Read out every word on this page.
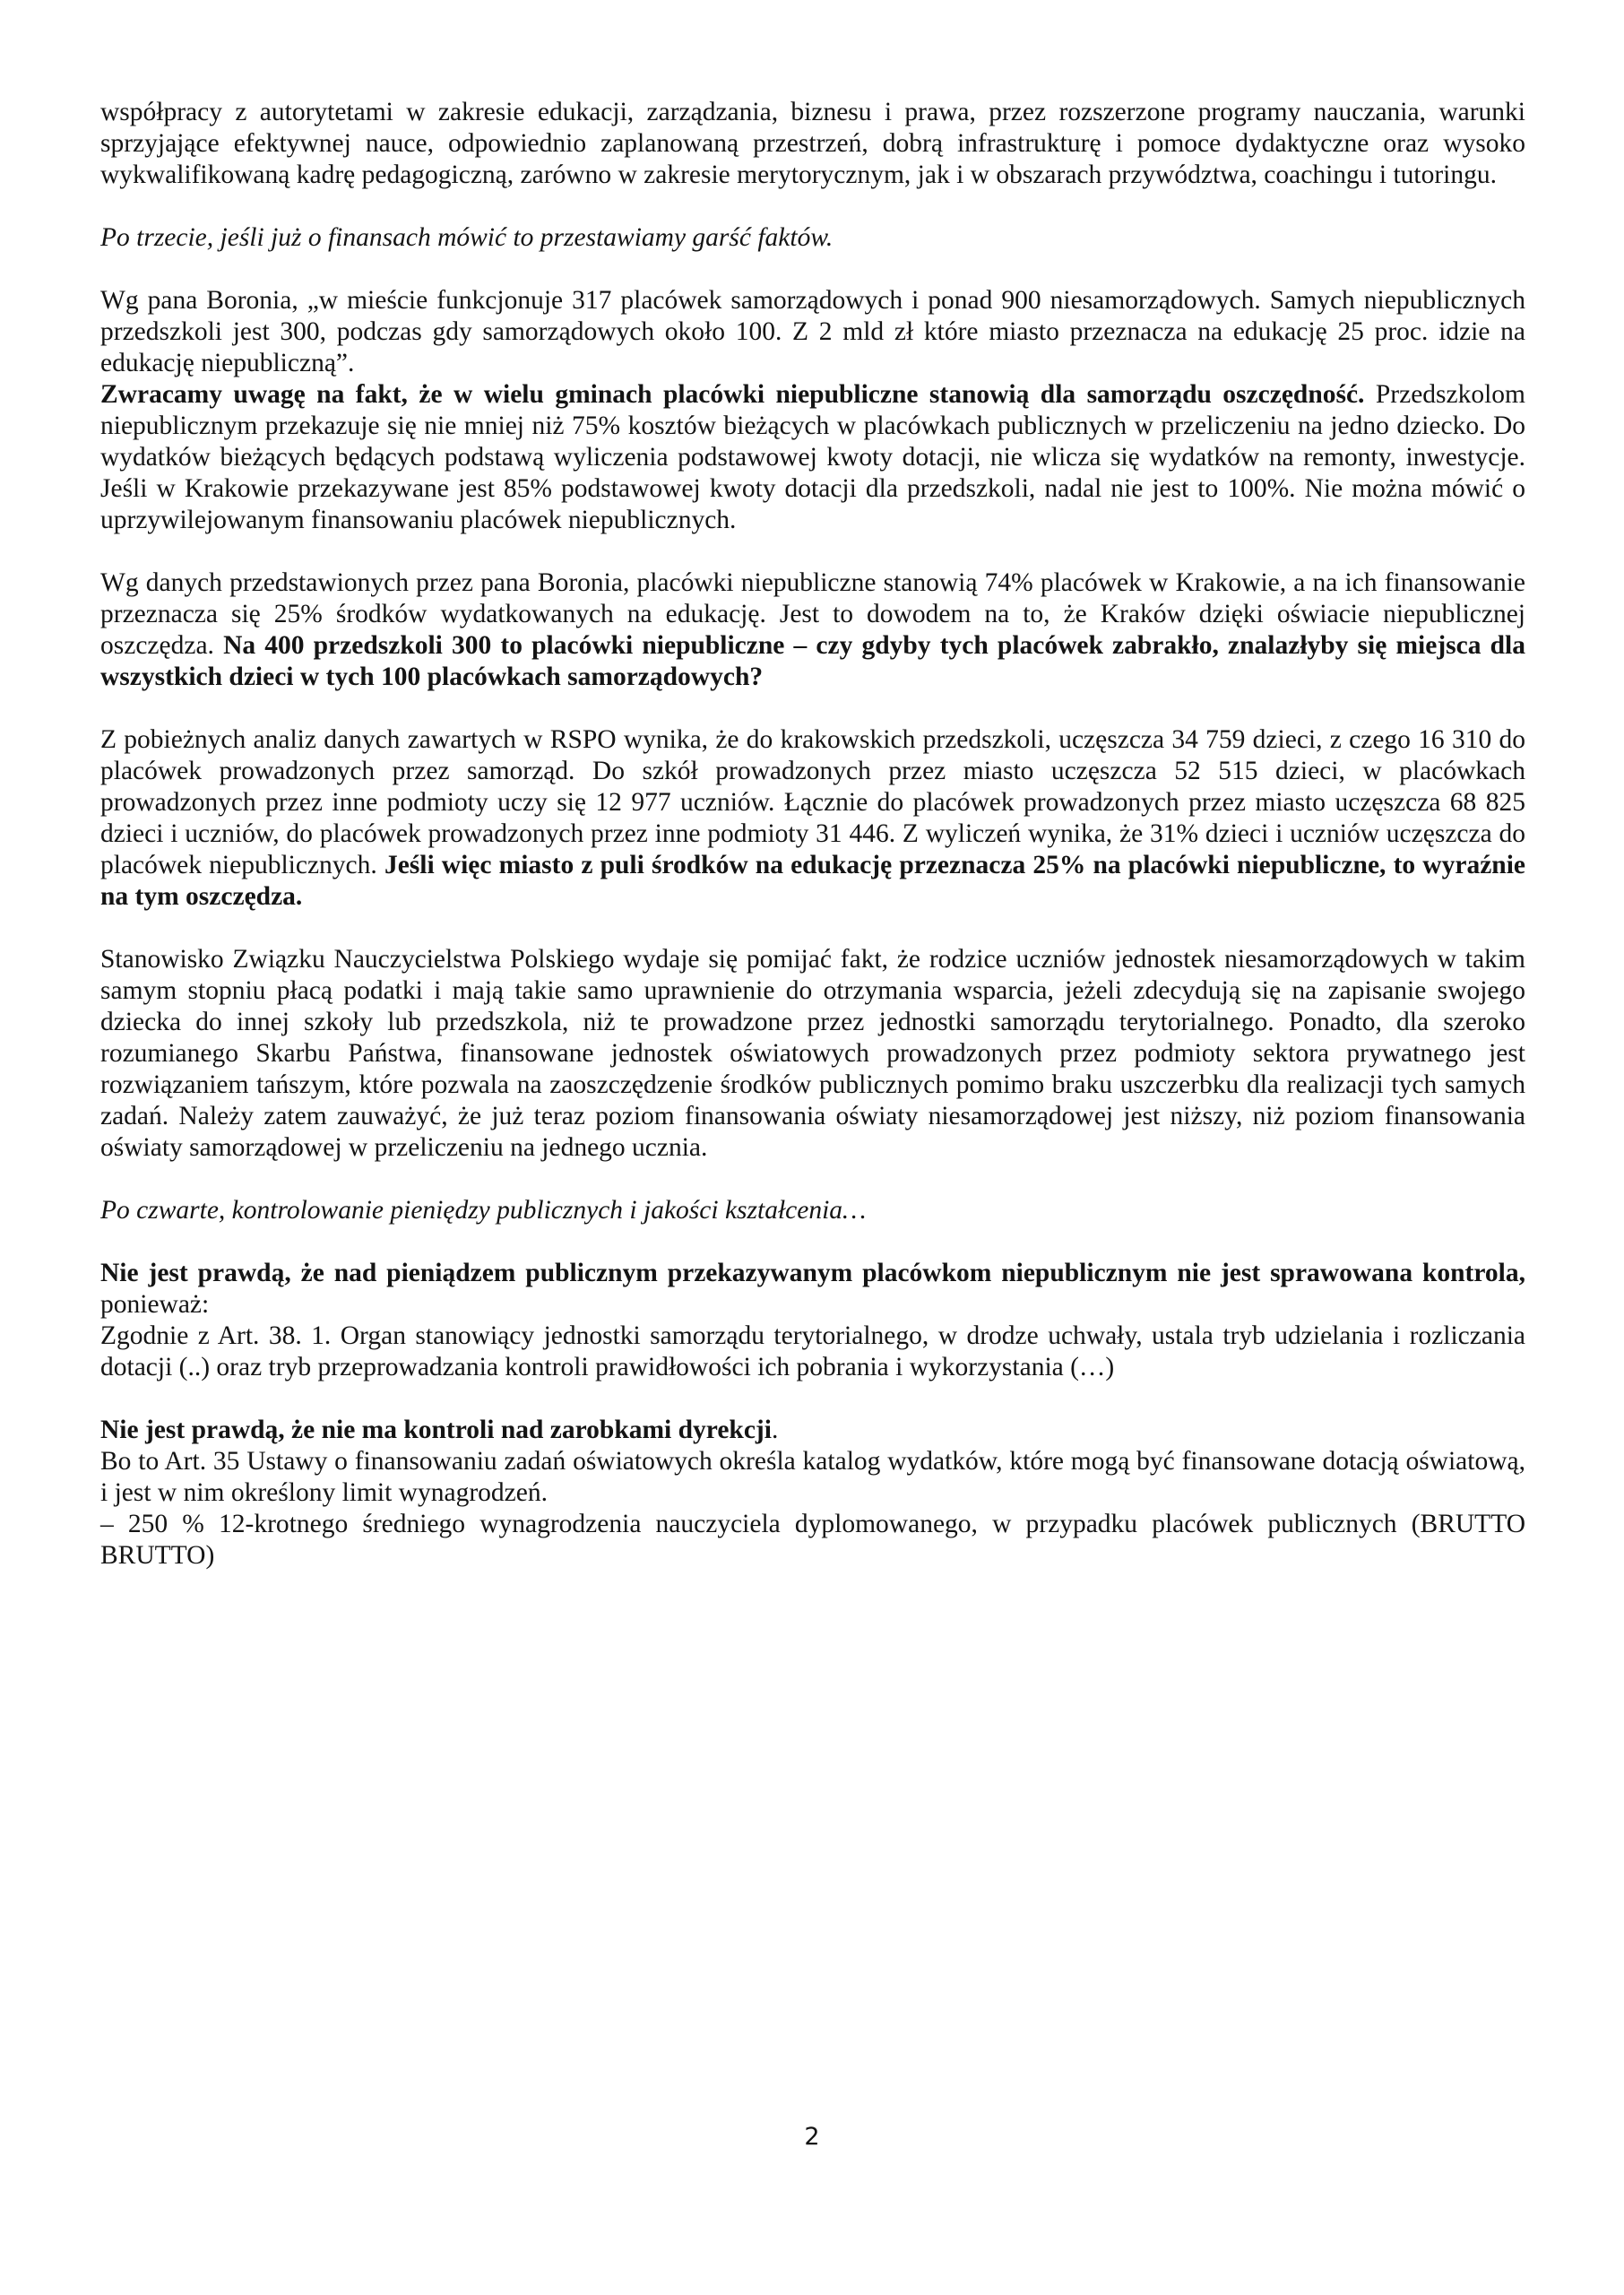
współpracy z autorytetami w zakresie edukacji, zarządzania, biznesu i prawa, przez rozszerzone programy nauczania, warunki sprzyjające efektywnej nauce, odpowiednio zaplanowaną przestrzeń, dobrą infrastrukturę i pomoce dydaktyczne oraz wysoko wykwalifikowaną kadrę pedagogiczną, zarówno w zakresie merytorycznym, jak i w obszarach przywództwa, coachingu i tutoringu.

Po trzecie, jeśli już o finansach mówić to przestawiamy garść faktów.

Wg pana Boronia, „w mieście funkcjonuje 317 placówek samorządowych i ponad 900 niesamorządowych. Samych niepublicznych przedszkoli jest 300, podczas gdy samorządowych około 100. Z 2 mld zł które miasto przeznacza na edukację 25 proc. idzie na edukację niepubliczną”.
Zwracamy uwagę na fakt, że w wielu gminach placówki niepubliczne stanowią dla samorządu oszczędność. Przedszkolom niepublicznym przekazuje się nie mniej niż 75% kosztów bieżących w placówkach publicznych w przeliczeniu na jedno dziecko. Do wydatków bieżących będących podstawą wyliczenia podstawowej kwoty dotacji, nie wlicza się wydatków na remonty, inwestycje. Jeśli w Krakowie przekazywane jest 85% podstawowej kwoty dotacji dla przedszkoli, nadal nie jest to 100%. Nie można mówić o uprzywilejowanym finansowaniu placówek niepublicznych.

Wg danych przedstawionych przez pana Boronia, placówki niepubliczne stanowią 74% placówek w Krakowie, a na ich finansowanie przeznacza się 25% środków wydatkowanych na edukację. Jest to dowodem na to, że Kraków dzięki oświacie niepublicznej oszczędza. Na 400 przedszkoli 300 to placówki niepubliczne – czy gdyby tych placówek zabrakło, znalazłyby się miejsca dla wszystkich dzieci w tych 100 placówkach samorządowych?

Z pobieżnych analiz danych zawartych w RSPO wynika, że do krakowskich przedszkoli, uczęszcza 34 759 dzieci, z czego 16 310 do placówek prowadzonych przez samorząd. Do szkół prowadzonych przez miasto uczęszcza 52 515 dzieci, w placówkach prowadzonych przez inne podmioty uczy się 12 977 uczniów. Łącznie do placówek prowadzonych przez miasto uczęszcza 68 825 dzieci i uczniów, do placówek prowadzonych przez inne podmioty 31 446. Z wyliczeń wynika, że 31% dzieci i uczniów uczęszcza do placówek niepublicznych. Jeśli więc miasto z puli środków na edukację przeznacza 25% na placówki niepubliczne, to wyraźnie na tym oszczędza.

Stanowisko Związku Nauczycielstwa Polskiego wydaje się pomijać fakt, że rodzice uczniów jednostek niesamorządowych w takim samym stopniu płacą podatki i mają takie samo uprawnienie do otrzymania wsparcia, jeżeli zdecydują się na zapisanie swojego dziecka do innej szkoły lub przedszkola, niż te prowadzone przez jednostki samorządu terytorialnego. Ponadto, dla szeroko rozumianego Skarbu Państwa, finansowane jednostek oświatowych prowadzonych przez podmioty sektora prywatnego jest rozwiązaniem tańszym, które pozwala na zaoszczędzenie środków publicznych pomimo braku uszczerbku dla realizacji tych samych zadań. Należy zatem zauważyć, że już teraz poziom finansowania oświaty niesamorządowej jest niższy, niż poziom finansowania oświaty samorządowej w przeliczeniu na jednego ucznia.

Po czwarte, kontrolowanie pieniędzy publicznych i jakości kształcenia…

Nie jest prawdą, że nad pieniądzem publicznym przekazywanym placówkom niepublicznym nie jest sprawowana kontrola, ponieważ:

Zgodnie z Art. 38. 1. Organ stanowiący jednostki samorządu terytorialnego, w drodze uchwały, ustala tryb udzielania i rozliczania dotacji (..) oraz tryb przeprowadzania kontroli prawidłowości ich pobrania i wykorzystania (…)

Nie jest prawdą, że nie ma kontroli nad zarobkami dyrekcji.

Bo to Art. 35 Ustawy o finansowaniu zadań oświatowych określa katalog wydatków, które mogą być finansowane dotacją oświatową, i jest w nim określony limit wynagrodzeń.

– 250 % 12-krotnego średniego wynagrodzenia nauczyciela dyplomowanego, w przypadku placówek publicznych (BRUTTO BRUTTO)

2
